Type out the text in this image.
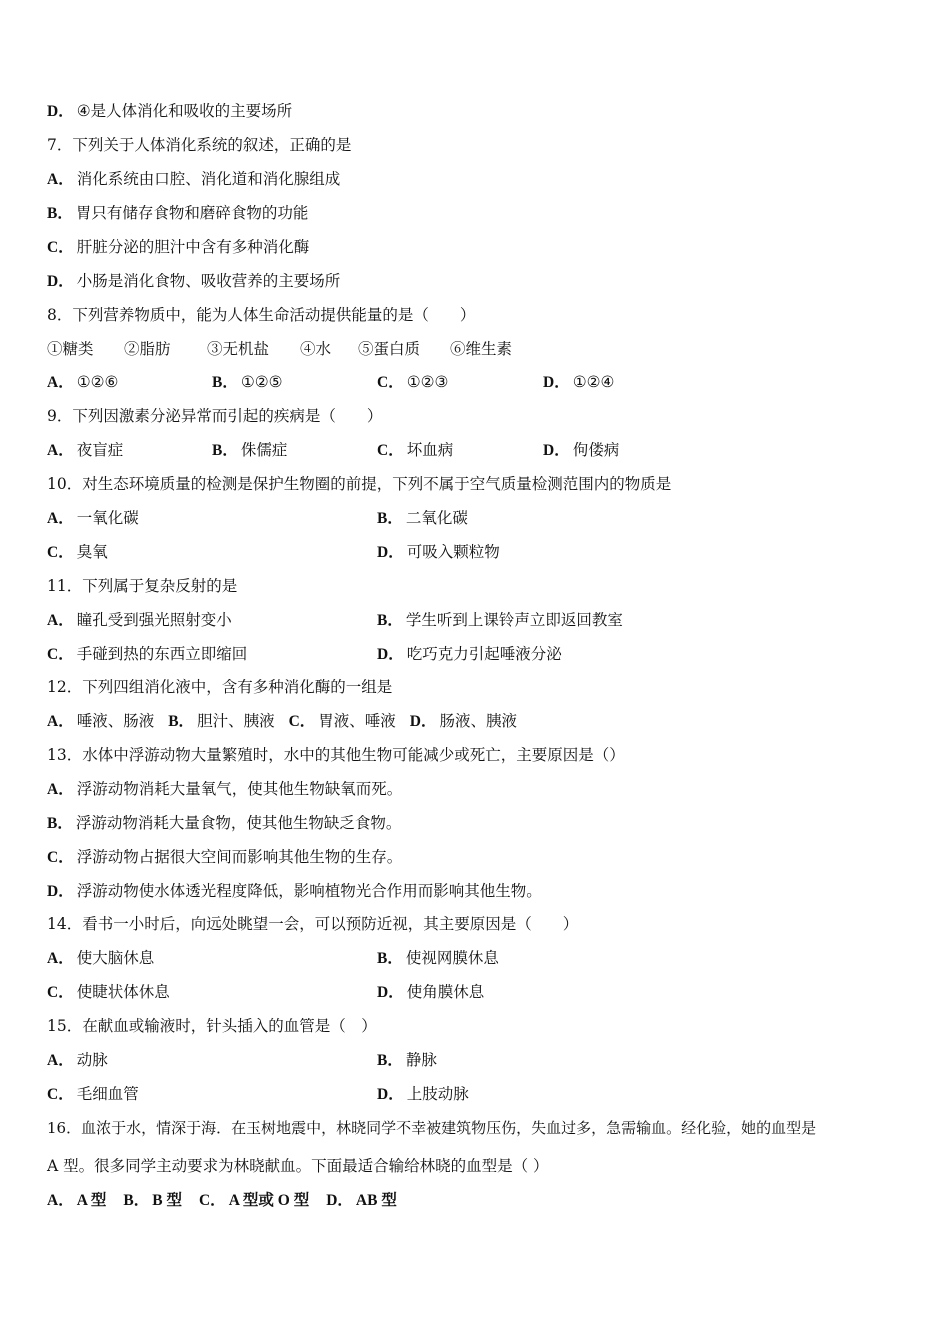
D． ④是人体消化和吸收的主要场所
7．下列关于人体消化系统的叙述，正确的是
A． 消化系统由口腔、消化道和消化腺组成
B． 胃只有储存食物和磨碎食物的功能
C． 肝脏分泌的胆汁中含有多种消化酶
D． 小肠是消化食物、吸收营养的主要场所
8．下列营养物质中，能为人体生命活动提供能量的是（　　）
①糖类 ②脂肪 ③无机盐 ④水 ⑤蛋白质 ⑥维生素
A． ①②⑥	B． ①②⑤	C． ①②③	D． ①②④
9．下列因激素分泌异常而引起的疾病是（　　）
A． 夜盲症	B． 侏儒症	C． 坏血病	D． 佝偻病
10．对生态环境质量的检测是保护生物圈的前提，下列不属于空气质量检测范围内的物质是
A． 一氧化碳	B． 二氧化碳
C． 臭氧	D． 可吸入颗粒物
11．下列属于复杂反射的是
A． 瞳孔受到强光照射变小	B． 学生听到上课铃声立即返回教室
C． 手碰到热的东西立即缩回	D． 吃巧克力引起唾液分泌
12．下列四组消化液中，含有多种消化酶的一组是
A． 唾液、肠液 B． 胆汁、胰液 C． 胃液、唾液 D． 肠液、胰液
13．水体中浮游动物大量繁殖时，水中的其他生物可能减少或死亡，主要原因是（）
A． 浮游动物消耗大量氧气，使其他生物缺氧而死。
B． 浮游动物消耗大量食物，使其他生物缺乏食物。
C． 浮游动物占据很大空间而影响其他生物的生存。
D． 浮游动物使水体透光程度降低，影响植物光合作用而影响其他生物。
14．看书一小时后，向远处眺望一会，可以预防近视，其主要原因是（　　）
A． 使大脑休息	B． 使视网膜休息
C． 使睫状体休息	D． 使角膜休息
15．在献血或输液时，针头插入的血管是（　）
A． 动脉	B． 静脉
C． 毛细血管	D． 上肢动脉
16．血浓于水，情深于海．在玉树地震中，林晓同学不幸被建筑物压伤，失血过多，急需输血。经化验，她的血型是
A 型。很多同学主动要求为林晓献血。下面最适合输给林晓的血型是（ ）
A． A 型 B． B 型 C． A 型或 O 型 D． AB 型
